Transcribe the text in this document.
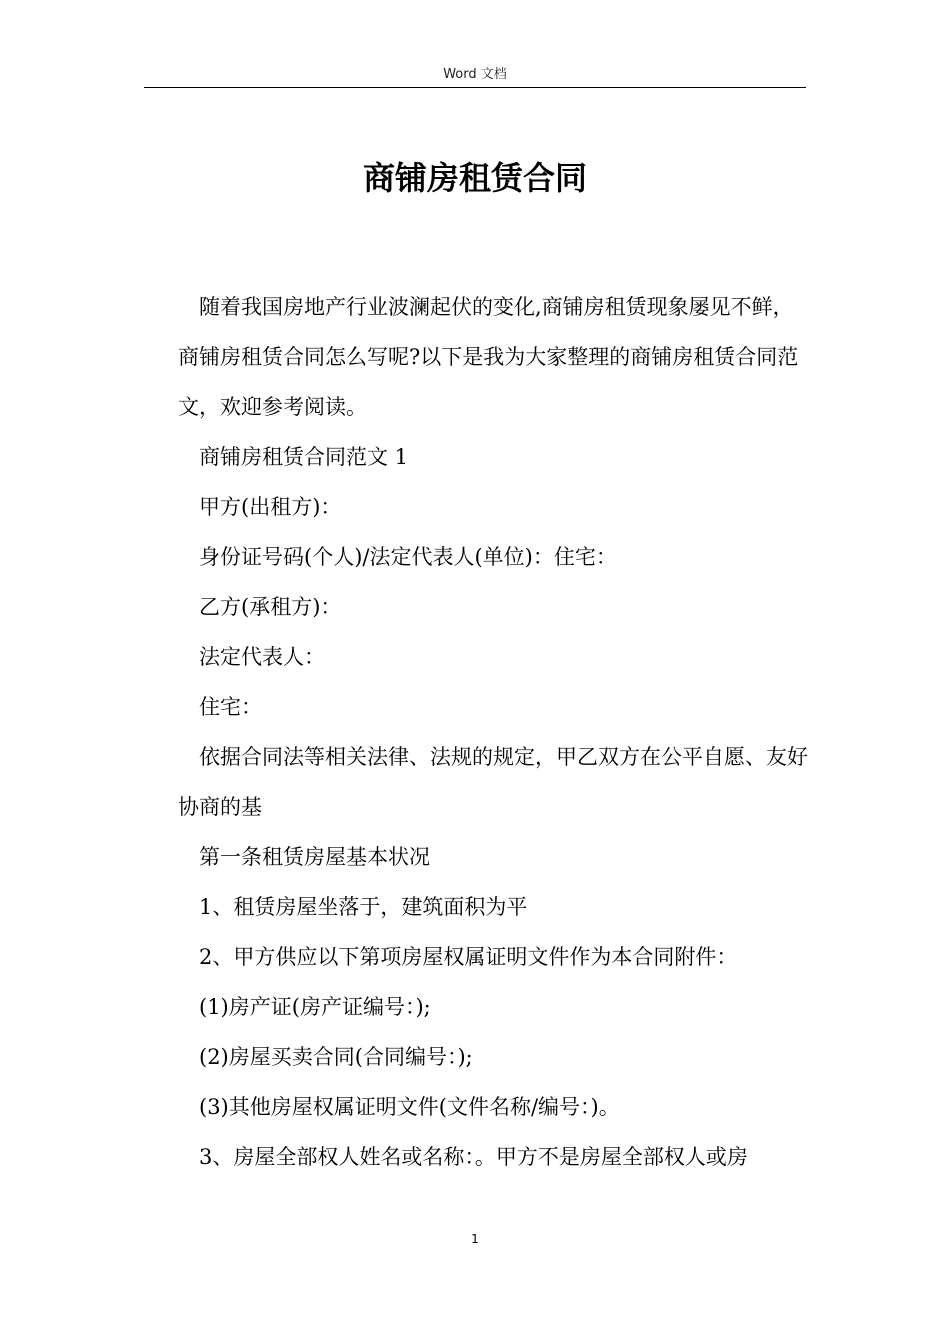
Word 文档
商铺房租赁合同

随着我国房地产行业波澜起伏的变化,商铺房租赁现象屡见不鲜，商铺房租赁合同怎么写呢?以下是我为大家整理的商铺房租赁合同范文，欢迎参考阅读。

商铺房租赁合同范文 1

甲方(出租方)：

身份证号码(个人)/法定代表人(单位)：住宅：

乙方(承租方)：

法定代表人：

住宅：

依据合同法等相关法律、法规的规定，甲乙双方在公平自愿、友好协商的基

第一条租赁房屋基本状况

1、租赁房屋坐落于，建筑面积为平

2、甲方供应以下第项房屋权属证明文件作为本合同附件：

(1)房产证(房产证编号：);

(2)房屋买卖合同(合同编号：);

(3)其他房屋权属证明文件(文件名称/编号：)。

3、房屋全部权人姓名或名称：。甲方不是房屋全部权人或房

1
